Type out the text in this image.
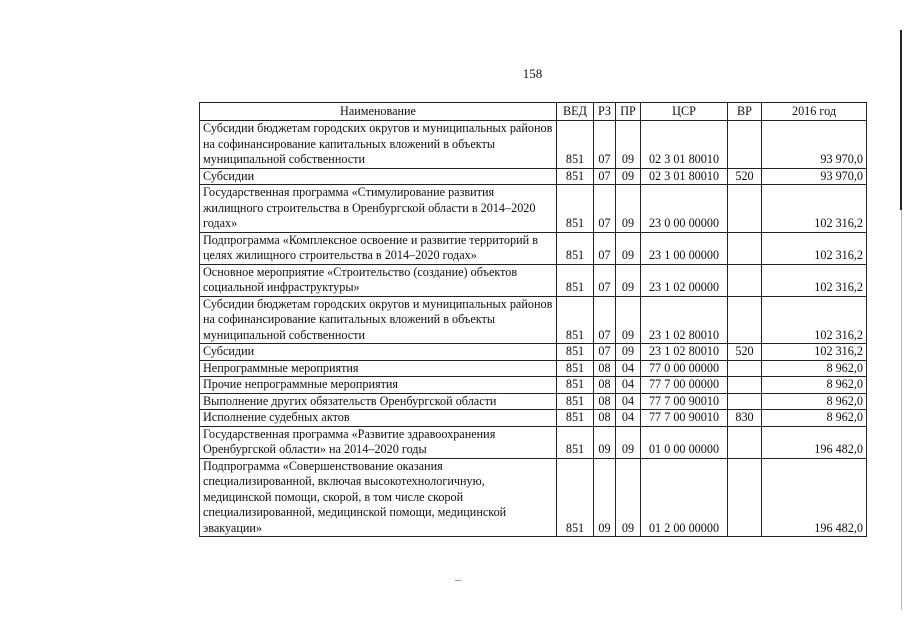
158
Наименование	ВЕД	РЗ	ПР	ЦСР	ВР	2016 год
Субсидии бюджетам городских округов и муниципальных районов на софинансирование капитальных вложений в объекты муниципальной собственности	851	07	09	02 3 01 80010		93 970,0
Субсидии	851	07	09	02 3 01 80010	520	93 970,0
Государственная программа «Стимулирование развития жилищного строительства в Оренбургской области в 2014–2020 годах»	851	07	09	23 0 00 00000		102 316,2
Подпрограмма «Комплексное освоение и развитие территорий в целях жилищного строительства в 2014–2020 годах»	851	07	09	23 1 00 00000		102 316,2
Основное мероприятие «Строительство (создание) объектов социальной инфраструктуры»	851	07	09	23 1 02 00000		102 316,2
Субсидии бюджетам городских округов и муниципальных районов на софинансирование капитальных вложений в объекты муниципальной собственности	851	07	09	23 1 02 80010		102 316,2
Субсидии	851	07	09	23 1 02 80010	520	102 316,2
Непрограммные мероприятия	851	08	04	77 0 00 00000		8 962,0
Прочие непрограммные мероприятия	851	08	04	77 7 00 00000		8 962,0
Выполнение других обязательств Оренбургской области	851	08	04	77 7 00 90010		8 962,0
Исполнение судебных актов	851	08	04	77 7 00 90010	830	8 962,0
Государственная программа «Развитие здравоохранения Оренбургской области» на 2014–2020 годы	851	09	09	01 0 00 00000		196 482,0
Подпрограмма «Совершенствование оказания специализированной, включая высокотехнологичную, медицинской помощи, скорой, в том числе скорой специализированной, медицинской помощи, медицинской эвакуации»	851	09	09	01 2 00 00000		196 482,0
